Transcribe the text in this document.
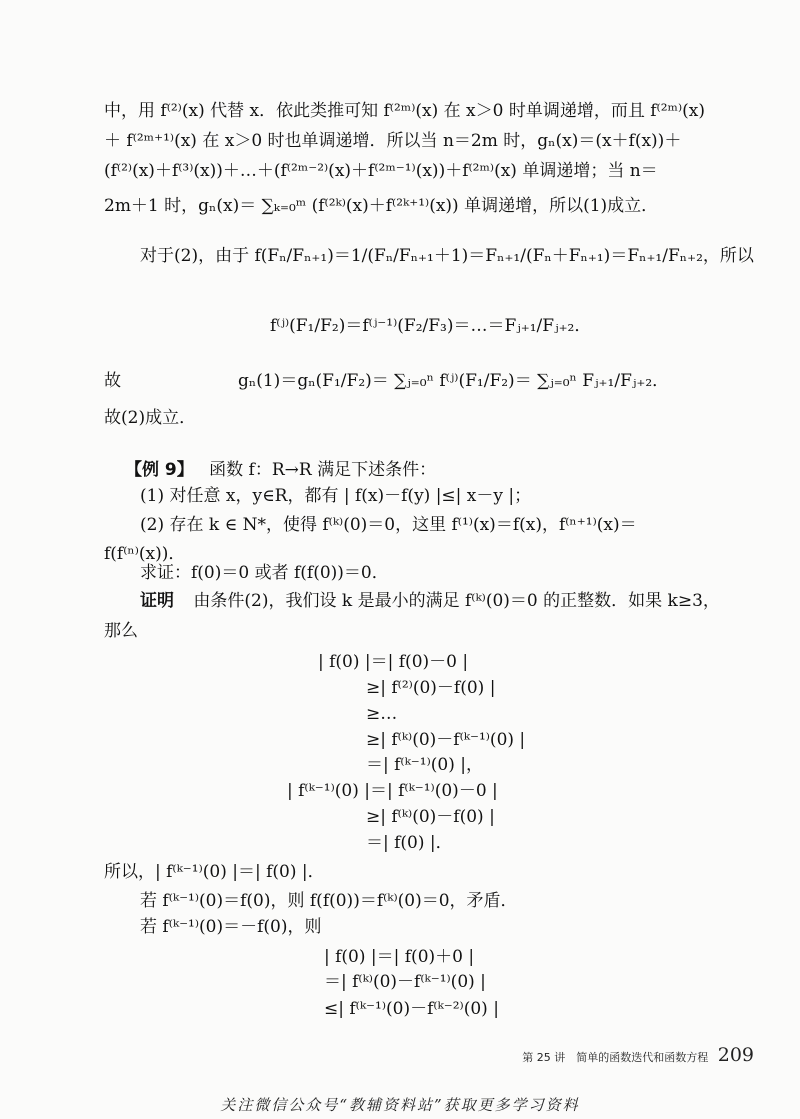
中，用 f⁽²⁾(x) 代替 x．依此类推可知 f⁽²ᵐ⁾(x) 在 x＞0 时单调递增，而且 f⁽²ᵐ⁾(x)
＋ f⁽²ᵐ⁺¹⁾(x) 在 x＞0 时也单调递增．所以当 n＝2m 时，gₙ(x)＝(x＋f(x))＋
(f⁽²⁾(x)＋f⁽³⁾(x))＋…＋(f⁽²ᵐ⁻²⁾(x)＋f⁽²ᵐ⁻¹⁾(x))＋f⁽²ᵐ⁾(x) 单调递增；当 n＝
2m＋1 时，gₙ(x)＝ ∑ₖ₌₀ᵐ (f⁽²ᵏ⁾(x)＋f⁽²ᵏ⁺¹⁾(x)) 单调递增，所以(1)成立．
对于(2)，由于 f(Fₙ/Fₙ₊₁)＝1/(Fₙ/Fₙ₊₁＋1)＝Fₙ₊₁/(Fₙ＋Fₙ₊₁)＝Fₙ₊₁/Fₙ₊₂，所以
f⁽ʲ⁾(F₁/F₂)＝f⁽ʲ⁻¹⁾(F₂/F₃)＝…＝Fⱼ₊₁/Fⱼ₊₂．
故	gₙ(1)＝gₙ(F₁/F₂)＝ ∑ⱼ₌₀ⁿ f⁽ʲ⁾(F₁/F₂)＝ ∑ⱼ₌₀ⁿ Fⱼ₊₁/Fⱼ₊₂．
故(2)成立．
【例 9】 函数 f：R→R 满足下述条件：
(1) 对任意 x，y∈R，都有 | f(x)－f(y) |≤| x－y |；
(2) 存在 k ∈ N*，使得 f⁽ᵏ⁾(0)＝0，这里 f⁽¹⁾(x)＝f(x)，f⁽ⁿ⁺¹⁾(x)＝
f(f⁽ⁿ⁾(x))．
求证：f(0)＝0 或者 f(f(0))＝0．
证明 由条件(2)，我们设 k 是最小的满足 f⁽ᵏ⁾(0)＝0 的正整数．如果 k≥3，
那么
| f(0) |＝| f(0)－0 |
≥| f⁽²⁾(0)－f(0) |
≥…
≥| f⁽ᵏ⁾(0)－f⁽ᵏ⁻¹⁾(0) |
＝| f⁽ᵏ⁻¹⁾(0) |，
| f⁽ᵏ⁻¹⁾(0) |＝| f⁽ᵏ⁻¹⁾(0)－0 |
≥| f⁽ᵏ⁾(0)－f(0) |
＝| f(0) |．
所以，| f⁽ᵏ⁻¹⁾(0) |＝| f(0) |．
若 f⁽ᵏ⁻¹⁾(0)＝f(0)，则 f(f(0))＝f⁽ᵏ⁾(0)＝0，矛盾．
若 f⁽ᵏ⁻¹⁾(0)＝－f(0)，则
| f(0) |＝| f(0)＋0 |
＝| f⁽ᵏ⁾(0)－f⁽ᵏ⁻¹⁾(0) |
≤| f⁽ᵏ⁻¹⁾(0)－f⁽ᵏ⁻²⁾(0) |
第 25 讲　简单的函数迭代和函数方程 209
关注微信公众号“教辅资料站”获取更多学习资料
